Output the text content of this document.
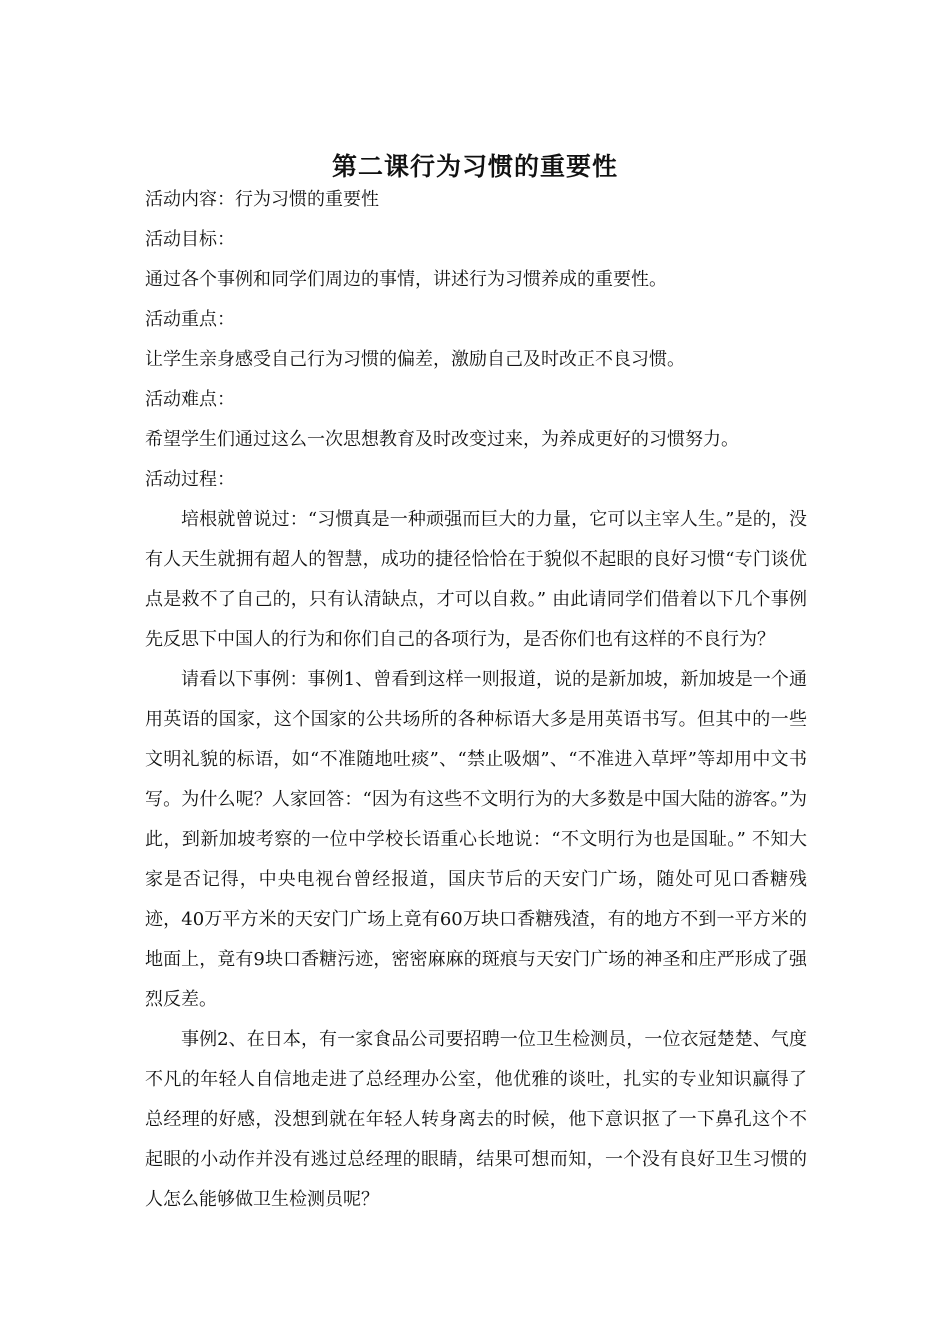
第二课行为习惯的重要性

活动内容：行为习惯的重要性

活动目标：

通过各个事例和同学们周边的事情，讲述行为习惯养成的重要性。

活动重点：

让学生亲身感受自己行为习惯的偏差，激励自己及时改正不良习惯。

活动难点：

希望学生们通过这么一次思想教育及时改变过来，为养成更好的习惯努力。

活动过程：

培根就曾说过：“习惯真是一种顽强而巨大的力量，它可以主宰人生。”是的，没有人天生就拥有超人的智慧，成功的捷径恰恰在于貌似不起眼的良好习惯“专门谈优点是救不了自己的，只有认清缺点，才可以自救。” 由此请同学们借着以下几个事例先反思下中国人的行为和你们自己的各项行为，是否你们也有这样的不良行为？

请看以下事例：事例1、曾看到这样一则报道，说的是新加坡，新加坡是一个通用英语的国家，这个国家的公共场所的各种标语大多是用英语书写。但其中的一些文明礼貌的标语，如“不准随地吐痰”、“禁止吸烟”、“不准进入草坪”等却用中文书写。为什么呢？人家回答：“因为有这些不文明行为的大多数是中国大陆的游客。”为此，到新加坡考察的一位中学校长语重心长地说：“不文明行为也是国耻。” 不知大家是否记得，中央电视台曾经报道，国庆节后的天安门广场，随处可见口香糖残迹，40万平方米的天安门广场上竟有60万块口香糖残渣，有的地方不到一平方米的地面上，竟有9块口香糖污迹，密密麻麻的斑痕与天安门广场的神圣和庄严形成了强烈反差。

事例2、在日本，有一家食品公司要招聘一位卫生检测员，一位衣冠楚楚、气度不凡的年轻人自信地走进了总经理办公室，他优雅的谈吐，扎实的专业知识赢得了总经理的好感，没想到就在年轻人转身离去的时候，他下意识抠了一下鼻孔这个不起眼的小动作并没有逃过总经理的眼睛，结果可想而知，一个没有良好卫生习惯的人怎么能够做卫生检测员呢？
